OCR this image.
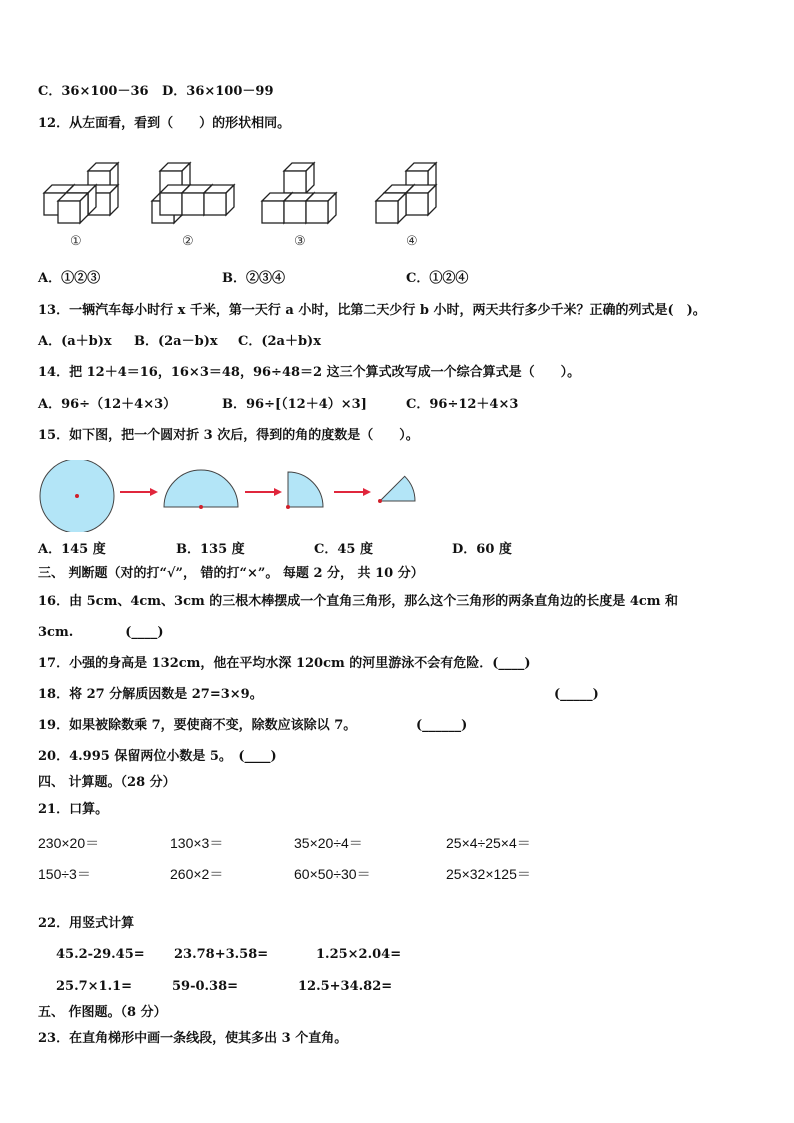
C．36×100－36 D．36×100－99
12．从左面看，看到（　　）的形状相同。
①	②	③	④
A．①②③	B．②③④	C．①②④
13．一辆汽车每小时行 x 千米，第一天行 a 小时，比第二天少行 b 小时，两天共行多少千米？正确的列式是(　)。
A．(a＋b)x B．(2a－b)x C．(2a＋b)x
14．把 12＋4＝16，16×3＝48，96÷48＝2 这三个算式改写成一个综合算式是（　　）。
A．96÷（12＋4×3）	B．96÷[（12＋4）×3]	C．96÷12＋4×3
15．如下图，把一个圆对折 3 次后，得到的角的度数是（　　）。
A．145 度	B．135 度	C．45 度	D．60 度
三、 判断题（对的打“√”， 错的打“×”。 每题 2 分， 共 10 分）
16．由 5cm、4cm、3cm 的三根木棒摆成一个直角三角形，那么这个三角形的两条直角边的长度是 4cm 和
3cm.　　　　(____)
17．小强的身高是 132cm，他在平均水深 120cm 的河里游泳不会有危险．(____)
18．将 27 分解质因数是 27=3×9。	(_____)
19．如果被除数乘 7，要使商不变，除数应该除以 7。	(______)
20．4.995 保留两位小数是 5。　(____)
四、 计算题。（28 分）
21．口算。
230×20＝	130×3＝	35×20÷4＝	25×4÷25×4＝
150÷3＝	260×2＝	60×50÷30＝	25×32×125＝
22．用竖式计算
45.2-29.45= 23.78+3.58=	1.25×2.04=
25.7×1.1=	59-0.38=	12.5+34.82=
五、 作图题。（8 分）
23．在直角梯形中画一条线段，使其多出 3 个直角。
